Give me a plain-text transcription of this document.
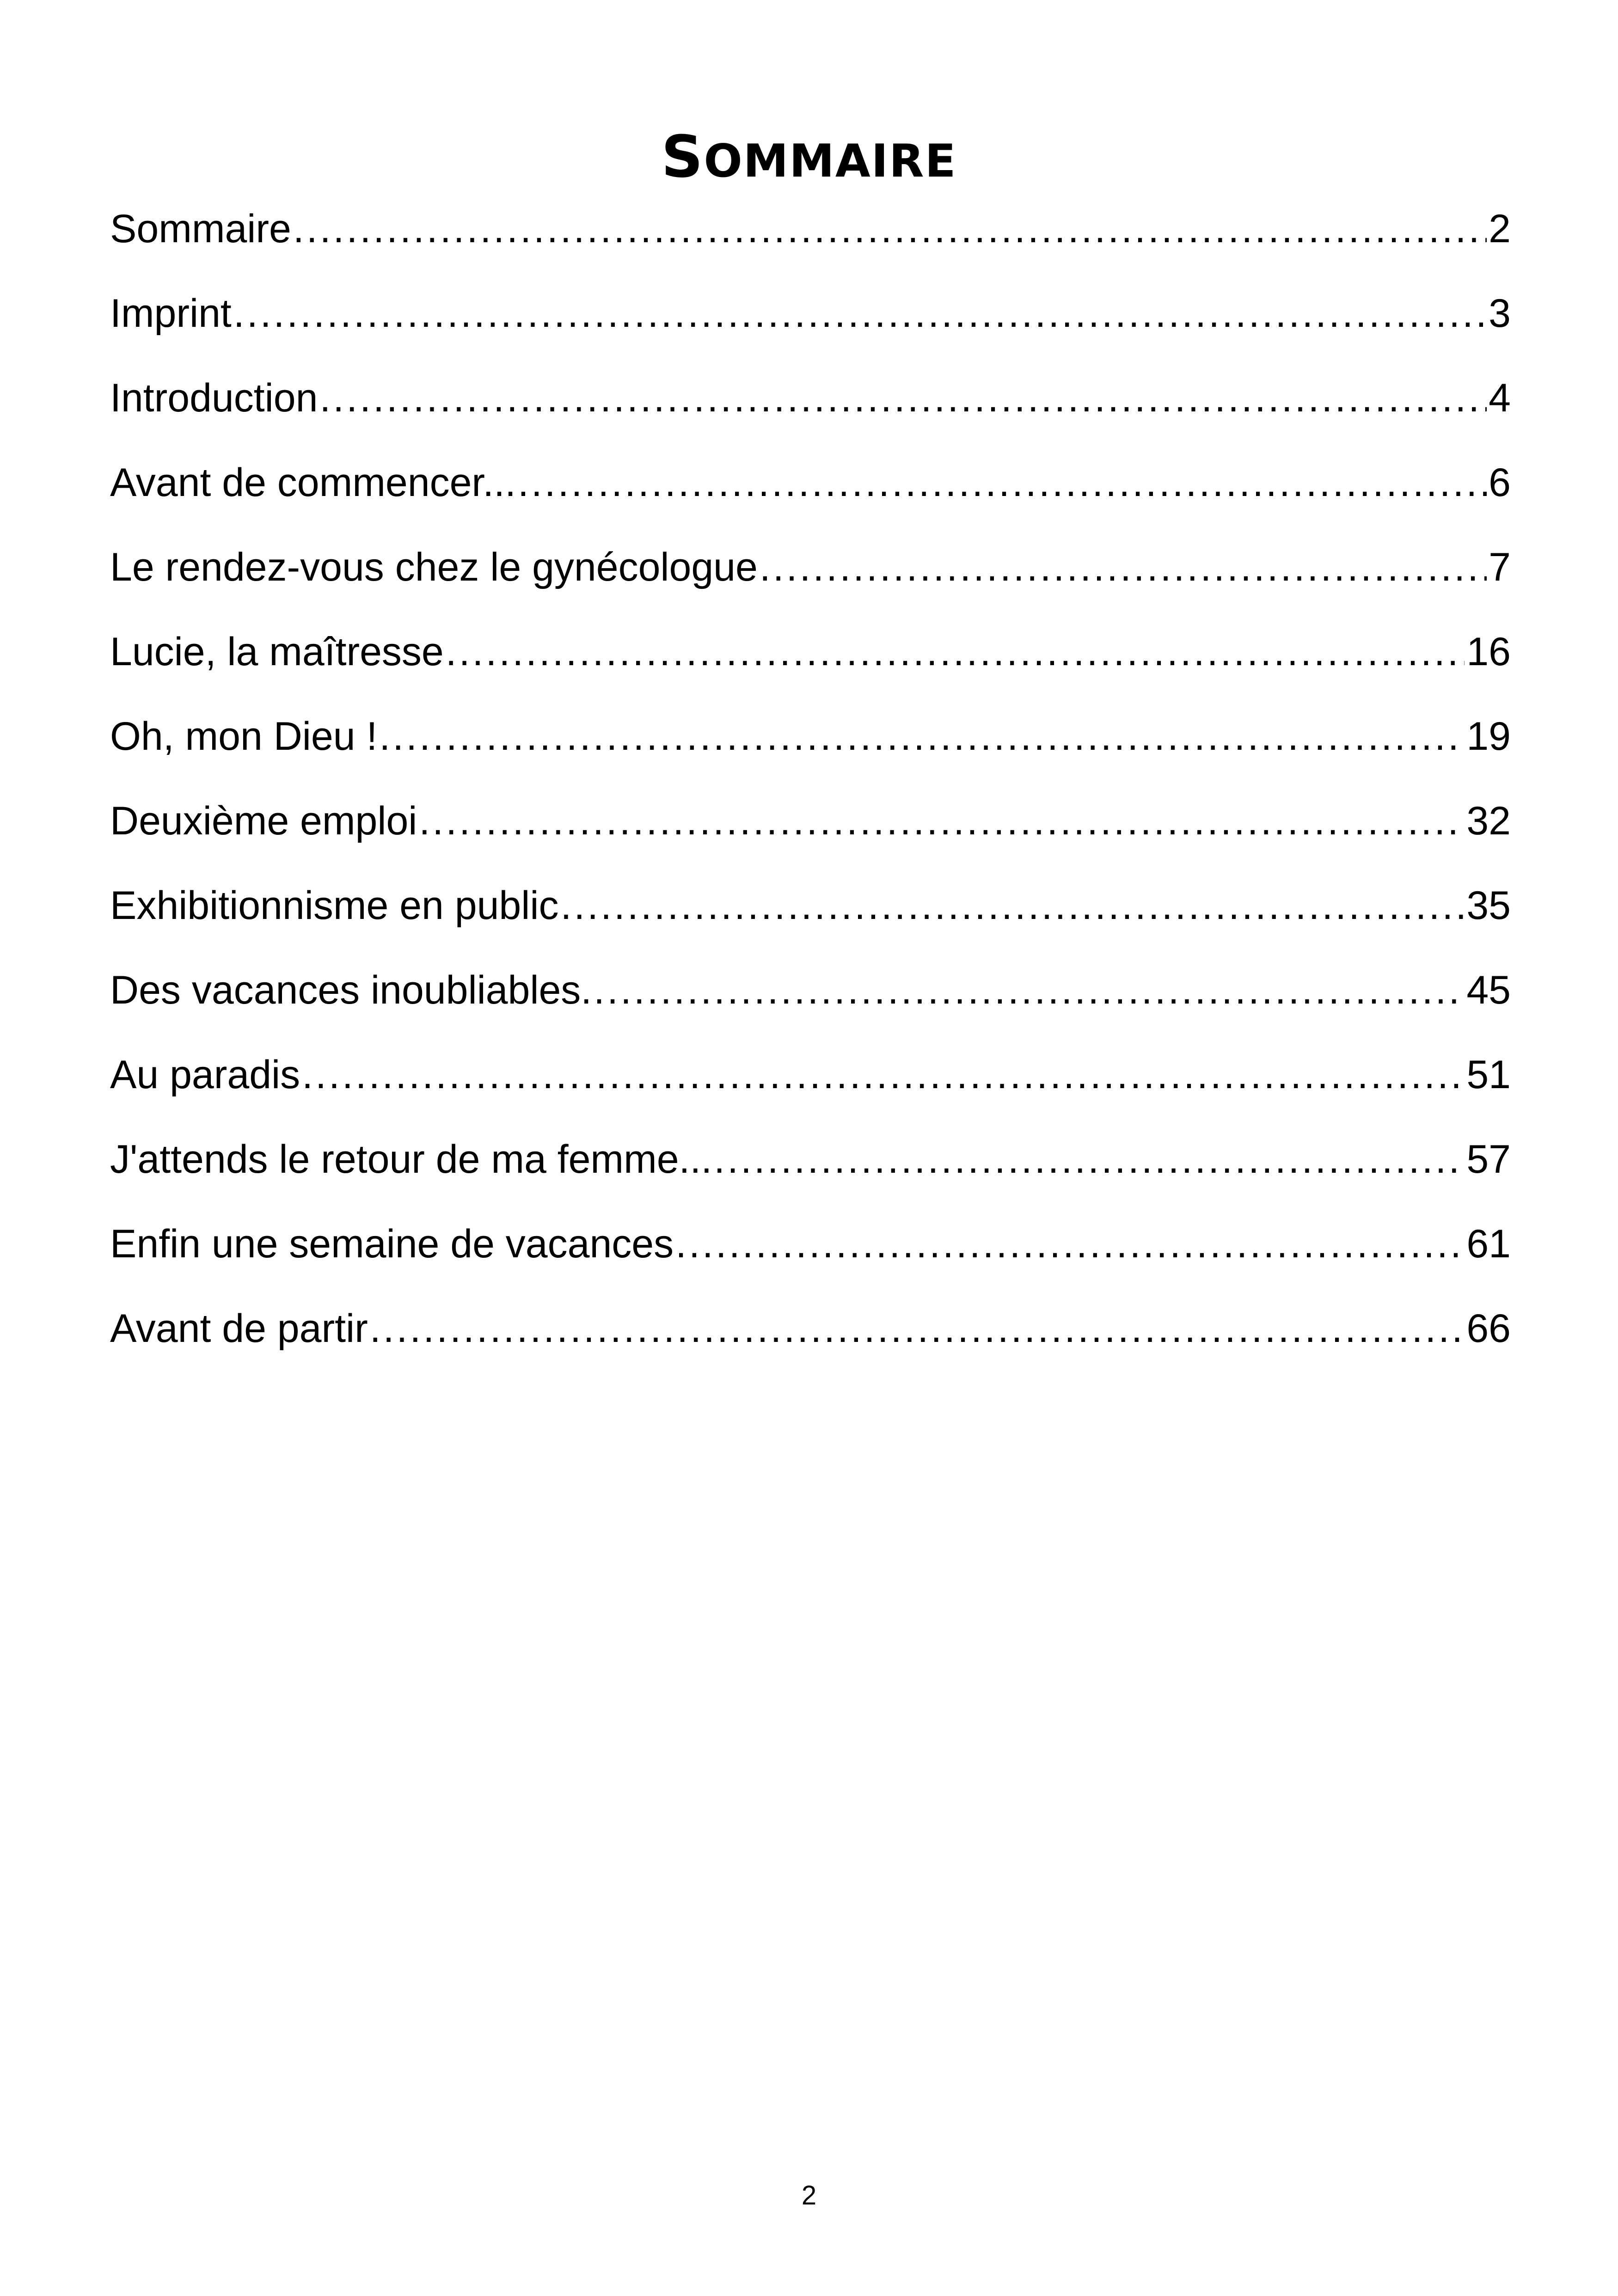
SOMMAIRE
Sommaire .....	2
Imprint .....	3
Introduction .....	4
Avant de commencer... .....	6
Le rendez-vous chez le gynécologue .....	7
Lucie, la maîtresse .....	16
Oh, mon Dieu ! .....	19
Deuxième emploi .....	32
Exhibitionnisme en public .....	35
Des vacances inoubliables. .....	45
Au paradis .....	51
J'attends le retour de ma femme... .....	57
Enfin une semaine de vacances .....	61
Avant de partir .....	66
2
